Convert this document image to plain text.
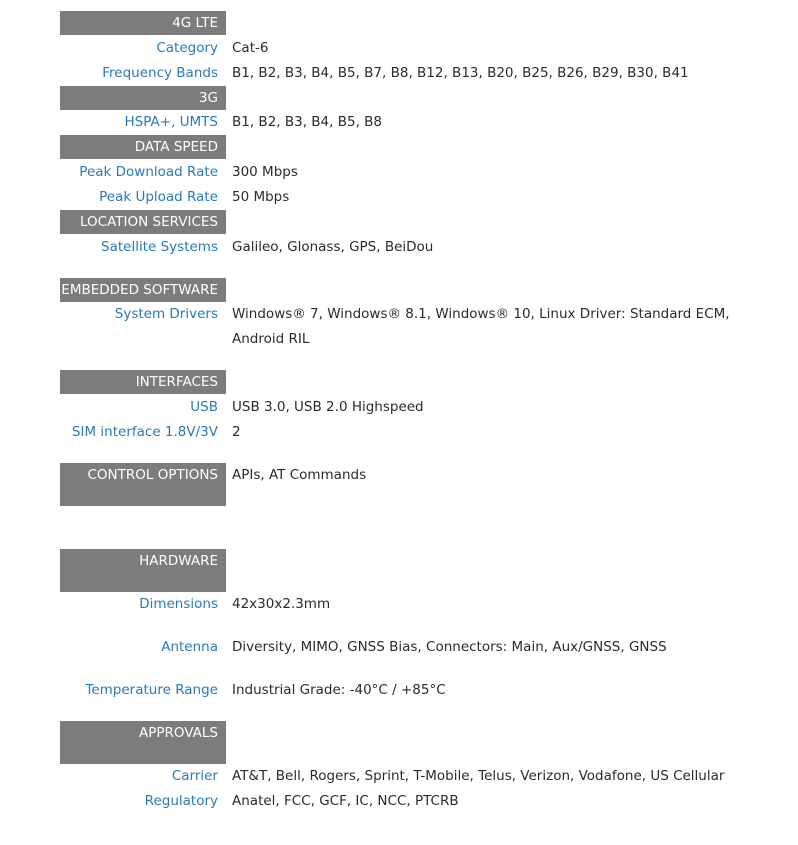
4G LTE
Category Cat-6
Frequency Bands B1, B2, B3, B4, B5, B7, B8, B12, B13, B20, B25, B26, B29, B30, B41
3G
HSPA+, UMTS B1, B2, B3, B4, B5, B8
DATA SPEED
Peak Download Rate 300 Mbps
Peak Upload Rate 50 Mbps
LOCATION SERVICES
Satellite Systems Galileo, Glonass, GPS, BeiDou
EMBEDDED SOFTWARE
System Drivers Windows® 7, Windows® 8.1, Windows® 10, Linux Driver: Standard ECM, Android RIL
INTERFACES
USB USB 3.0, USB 2.0 Highspeed
SIM interface 1.8V/3V 2
CONTROL OPTIONS	APIs, AT Commands
HARDWARE
Dimensions 42x30x2.3mm
Antenna Diversity, MIMO, GNSS Bias, Connectors: Main, Aux/GNSS, GNSS
Temperature Range Industrial Grade: -40°C / +85°C
APPROVALS
Carrier AT&T, Bell, Rogers, Sprint, T-Mobile, Telus, Verizon, Vodafone, US Cellular
Regulatory Anatel, FCC, GCF, IC, NCC, PTCRB
